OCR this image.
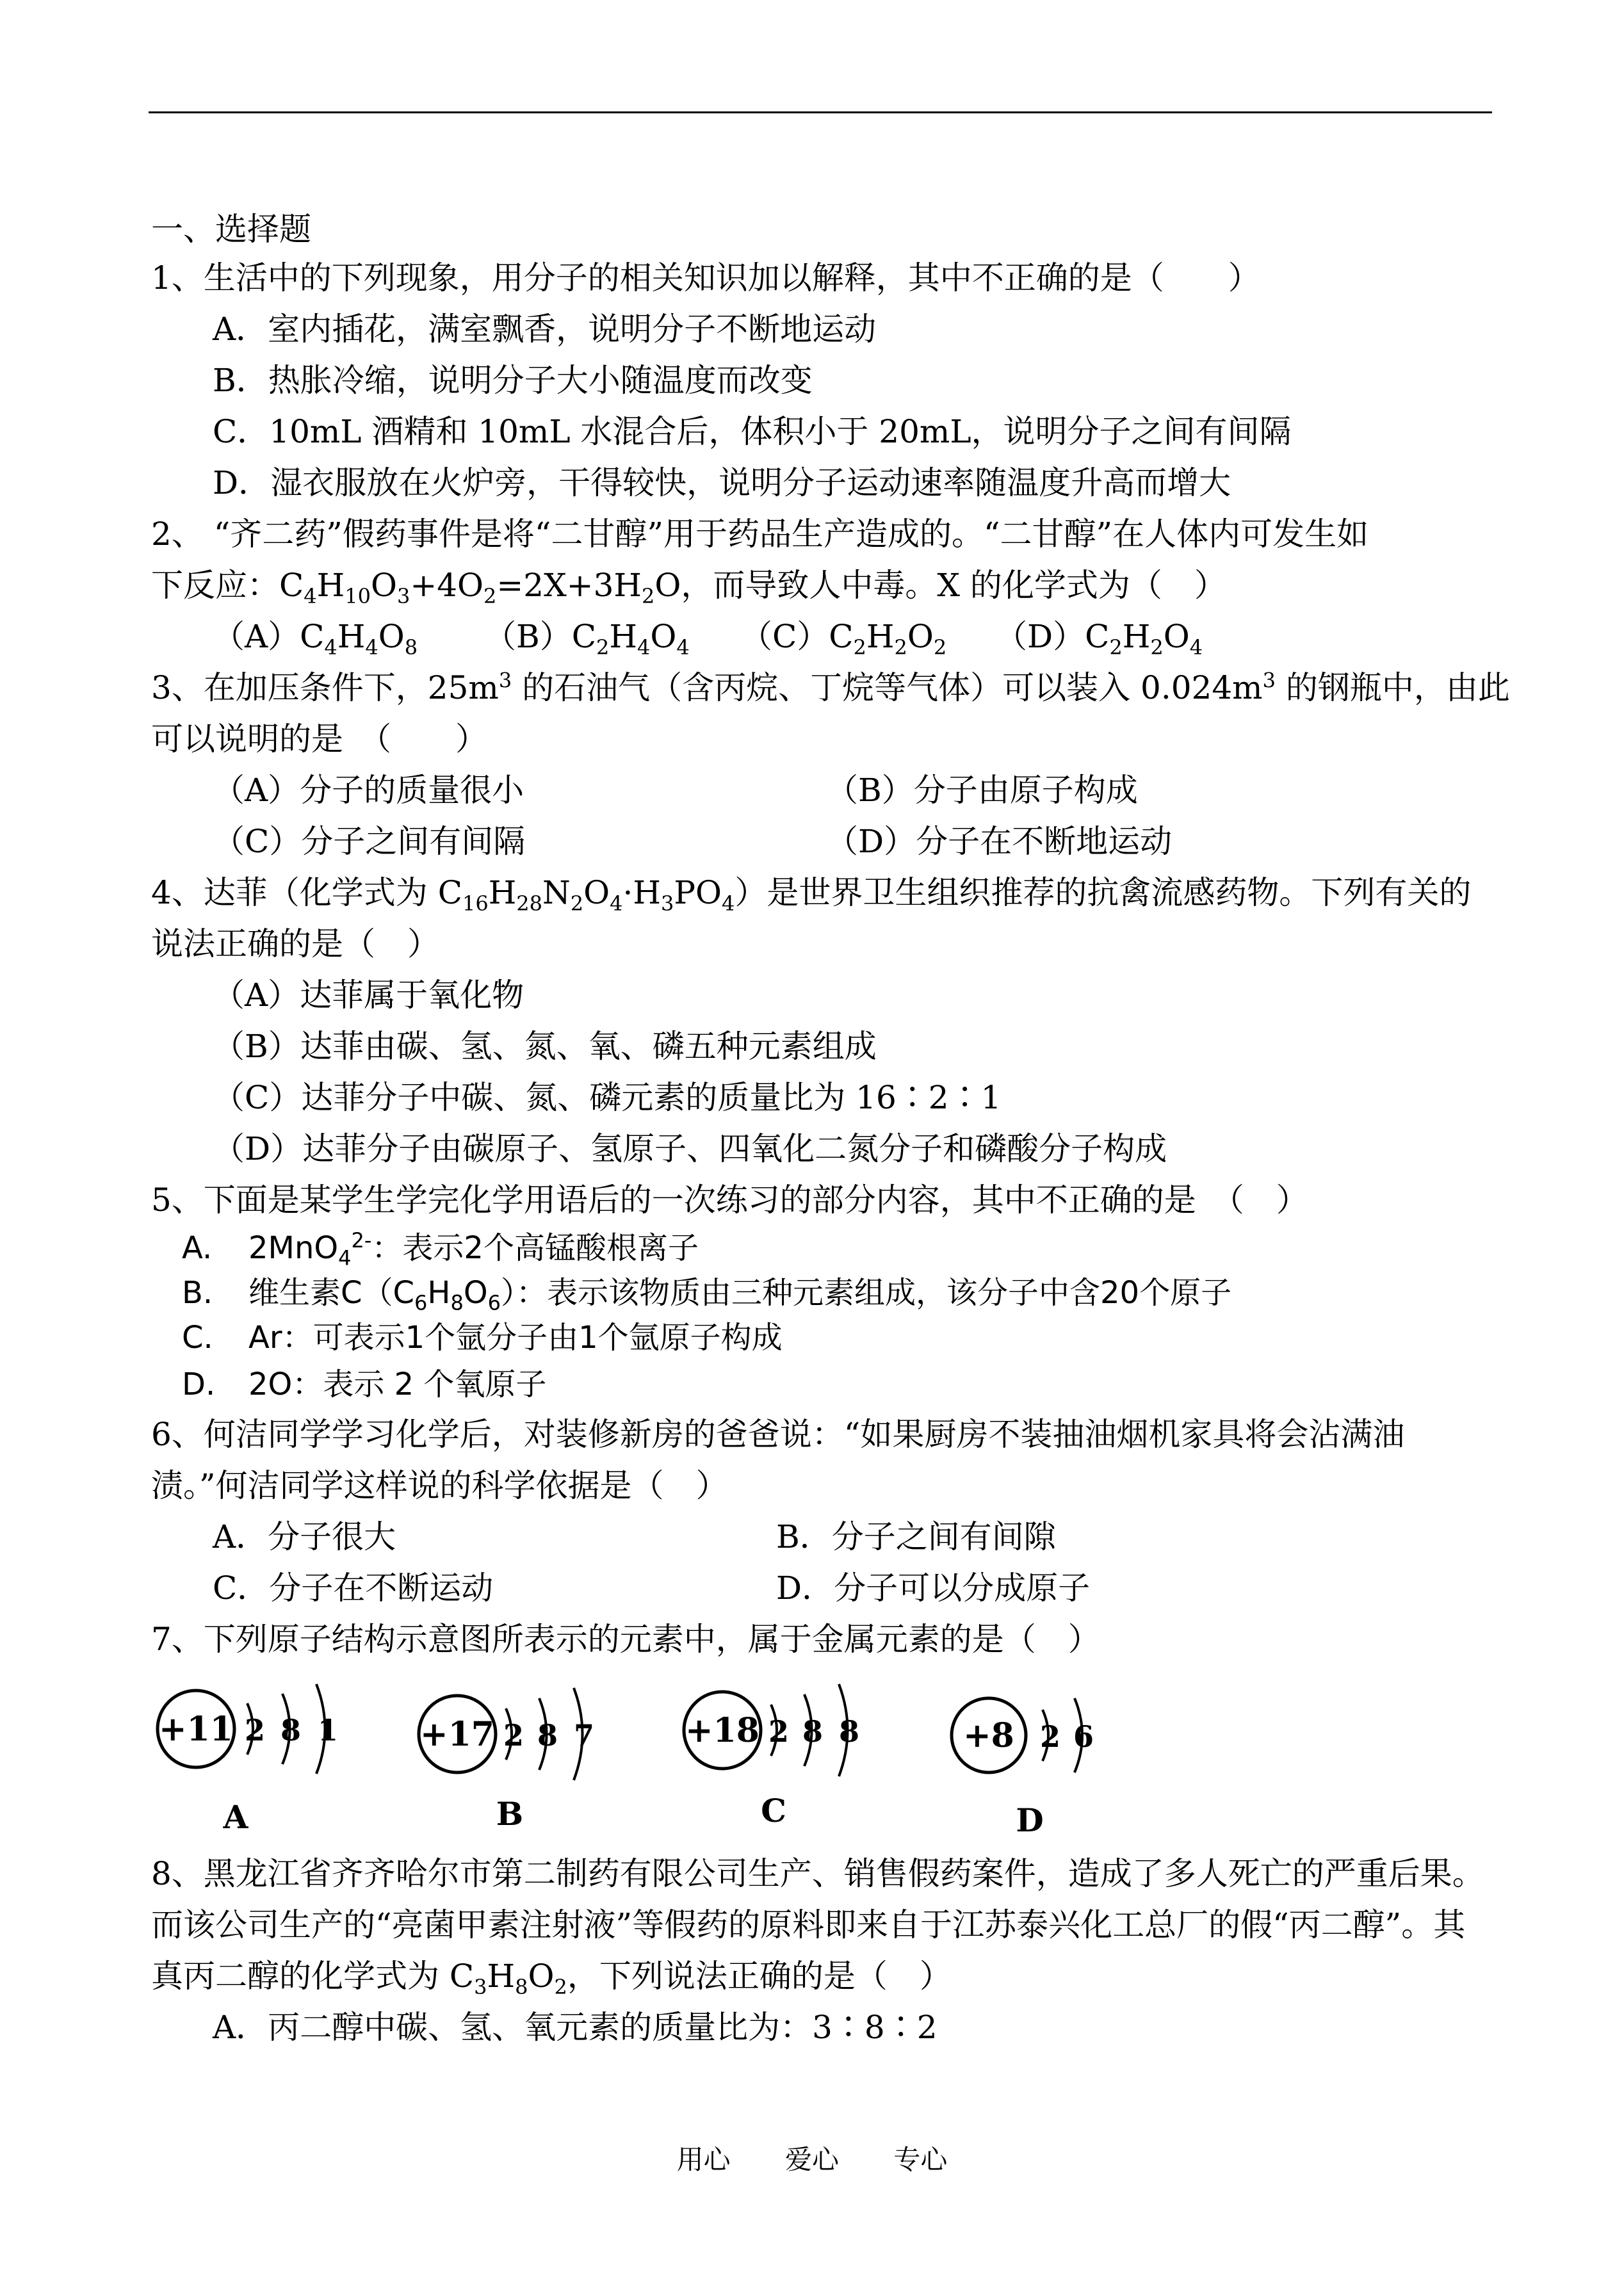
一、选择题
1、生活中的下列现象，用分子的相关知识加以解释，其中不正确的是（　　）
A．室内插花，满室飘香，说明分子不断地运动
B．热胀冷缩，说明分子大小随温度而改变
C．10mL 酒精和 10mL 水混合后，体积小于 20mL，说明分子之间有间隔
D．湿衣服放在火炉旁，干得较快，说明分子运动速率随温度升高而增大
2、 “齐二药”假药事件是将“二甘醇”用于药品生产造成的。“二甘醇”在人体内可发生如
下反应：$C_4H_{10}O_3+4O_2=2X+3H_2O$，而导致人中毒。X 的化学式为（　）
$(A)C_4H_4O_8$ $(B)C_2H_4O_4$ $(C)C_2H_2O_2$ $(D)C_2H_2O_4$
3、在加压条件下，$25m^3$ 的石油气（含丙烷、丁烷等气体）可以装入 $0.024m^3$ 的钢瓶中，由此
可以说明的是　（　　）
（A）分子的质量很小	（B）分子由原子构成
（C）分子之间有间隔	（D）分子在不断地运动
4、达菲（化学式为 $C_{16}H_{28}N_2O_4\cdot H_3PO_4$）是世界卫生组织推荐的抗禽流感药物。下列有关的
说法正确的是（　）
（A）达菲属于氧化物
（B）达菲由碳、氢、氮、氧、磷五种元素组成
（C）达菲分子中碳、氮、磷元素的质量比为 16∶2∶1
（D）达菲分子由碳原子、氢原子、四氧化二氮分子和磷酸分子构成
5、下面是某学生学完化学用语后的一次练习的部分内容，其中不正确的是　（　）
A. 2MnO$_4^{2-}$：表示2个高锰酸根离子
B. 维生素$C(C_6H_8O_6)$：表示该物质由三种元素组成，该分子中含20个原子
C. Ar：可表示1个氩分子由1个氩原子构成
D. 2O：表示 2 个氧原子
6、何洁同学学习化学后，对装修新房的爸爸说：“如果厨房不装抽油烟机家具将会沾满油
渍。”何洁同学这样说的科学依据是（　）
A．分子很大	B．分子之间有间隙
C．分子在不断运动	D．分子可以分成原子
7、下列原子结构示意图所表示的元素中，属于金属元素的是（　）
+11 2 8 1
A
+17 2 8 7
B
+18 2 8 8
C
+8 2 6
D
8、黑龙江省齐齐哈尔市第二制药有限公司生产、销售假药案件，造成了多人死亡的严重后果。
而该公司生产的“亮菌甲素注射液”等假药的原料即来自于江苏泰兴化工总厂的假“丙二醇”。其
真丙二醇的化学式为 $C_3H_8O_2$，下列说法正确的是（　）
A．丙二醇中碳、氢、氧元素的质量比为：3∶8∶2
用心 爱心 专心
